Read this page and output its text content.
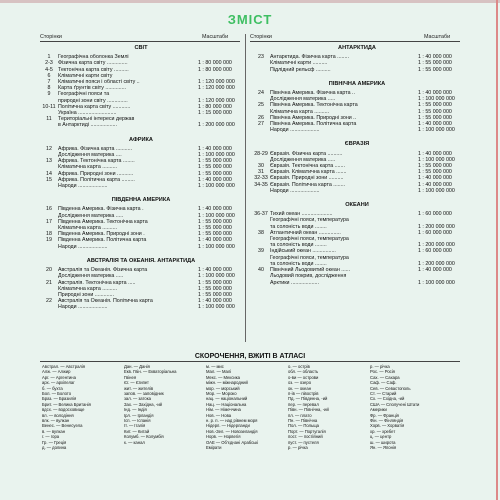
ЗМІСТ
Сторінки	Масштаби	Сторінки	Масштаби
СВІТ
1	Географічна оболонка Землі
2-3 Фізична карта світу ..............	1 : 80 000 000
4-5 Тектонічна карта світу ..........	1 : 80 000 000
6	Кліматичні карти світу
7	Кліматичні пояси і області світу ..	1 : 120 000 000
8	Карта ґрунтів світу ..............	1 : 120 000 000
9	Географічні пояси та
природні зони світу ..............	1 : 120 000 000
10-11 Політична карта світу ............	1 : 80 000 000
Україна ..........................	1 : 15 000 000
11	Територіальні інтереси держав
в Антарктиді ..................	1 : 200 000 000
АФРИКА
12	Африка. Фізична карта ...........	1 : 40 000 000
Дослідження материка ....	1 : 100 000 000
13	Африка. Тектонічна карта ........	1 : 55 000 000
Кліматична карта ..........	1 : 55 000 000
14	Африка. Природні зони ...........	1 : 55 000 000
15	Африка. Політична карта .........	1 : 40 000 000
Народи ....................	1 : 100 000 000
ПІВДЕННА АМЕРИКА
16	Південна Америка. Фізична карта .	1 : 40 000 000
Дослідження материка .....	1 : 100 000 000
17	Південна Америка. Тектонічна карта	1 : 55 000 000
Кліматична карта ..........	1 : 55 000 000
18	Південна Америка. Природні зони .	1 : 55 000 000
19	Південна Америка. Політична карта	1 : 40 000 000
Народи ....................	1 : 100 000 000
АВСТРАЛІЯ ТА ОКЕАНІЯ. АНТАРКТИДА
20	Австралія та Океанія. Фізична карта	1 : 40 000 000
Дослідження материка .....	1 : 100 000 000
21	Австралія. Тектонічна карта .....	1 : 55 000 000
Кліматична карта ..........	1 : 55 000 000
Природні зони .............	1 : 55 000 000
22	Австралія та Океанія. Політична карта	1 : 40 000 000
Народи ....................	1 : 100 000 000
АНТАРКТИДА
23	Антарктида. Фізична карта ........	1 : 40 000 000
Кліматичні карти ..........	1 : 55 000 000
Підлідний рельєф ..........	1 : 55 000 000
ПІВНІЧНА АМЕРИКА
24	Північна Америка. Фізична карта ..	1 : 40 000 000
Дослідження материка .....	1 : 100 000 000
25	Північна Америка. Тектонічна карта	1 : 55 000 000
Кліматична карта ..........	1 : 55 000 000
26	Північна Америка. Природні зони ..	1 : 55 000 000
27	Північна Америка. Політична карта	1 : 40 000 000
Народи ....................	1 : 100 000 000
ЄВРАЗІЯ
28-29 Євразія. Фізична карта ..........	1 : 40 000 000
Дослідження материка .....	1 : 100 000 000
30	Євразія. Тектонічна карта .......	1 : 55 000 000
31	Євразія. Кліматична карта .......	1 : 55 000 000
32-33 Євразія. Природні зони ..........	1 : 40 000 000
34-35 Євразія. Політична карта ........	1 : 40 000 000
Народи ....................	1 : 100 000 000
ОКЕАНИ
36-37 Тихий океан .....................	1 : 60 000 000
Географічні пояси, температура
та солоність води ........	1 : 200 000 000
38	Атлантичний океан ...............	1 : 60 000 000
Географічні пояси, температура
та солоність води ........	1 : 200 000 000
39	Індійський океан ................	1 : 60 000 000
Географічні пояси, температура
та солоність води ........	1 : 200 000 000
40	Північний Льодовитий океан ......	1 : 40 000 000
Льодовий покрив, дослідження
Арктики ...................	1 : 100 000 000
СКОРОЧЕННЯ, ВЖИТІ В АТЛАСІ
Австрал. — Австралія
Алж. — Алжир
Арг. — Аргентина
арх. — архіпелаг
б. — бухта
Бол. — Болото
Браз. — Бразилія
Брит. — Велика Британія
вдсх. — водосховище
вл. — володіння
влк. — вулкан
Венес. — Венесуела
в. — вулкан
г. — гора
Гр. — Греція
д. — долина
Дан. — Данія
Екв. Гвін. — Екваторіальна
Гвінея
Єг. — Єгипет
жит. — жителів
запов. — заповідник
зал. — затока
Зах. — Західна, -ий
Інд. — Індія
Ірл. — Ірландія
Ісп. — Іспанія
Іт. — Італія
Кит. — Китай
Колумб. — Колумбія
к. — канал
м. — мис
Мал. — Малі
Мекс. — Мексика
міжн. — міжнародний
мор. — морський
Мор. — Мороко
нац. — національний
Нац. — Національна
Нім. — Німеччина
Нов. — Нова
н. р. п. — над рівнем моря
Нідерл. — Нідерланди
Нов.-Зел. — Новозеландія
Норв. — Норвегія
ОАЕ — Об'єднані Арабські
Емірати
о. — острів
обл. — область
о-ви — острови
оз. — озеро
ок. — океан
п-ів — півострів
Пд. — Південна, -ий
пер. — перевал
Півн. — Північна, -ий
пл. — плато
Пн. — Північна
Пол. — Польща
Порт. — Португалія
пост. — постійний
пуст. — пустеля
р. — річка
р. — річка
Рос. — Росія
Сах. — Сахара
Саф. — Саф.
Сев. — Севастополь
Ст. — Старий
Сх. — Східна, -ий
США — Сполучені Штати
Америки
Фр. — Франція
Фін. — Фінляндія
Хорв. — Хорватія
хр. — хребет
ц. — центр
ш. — широта
Ян. — Японія
